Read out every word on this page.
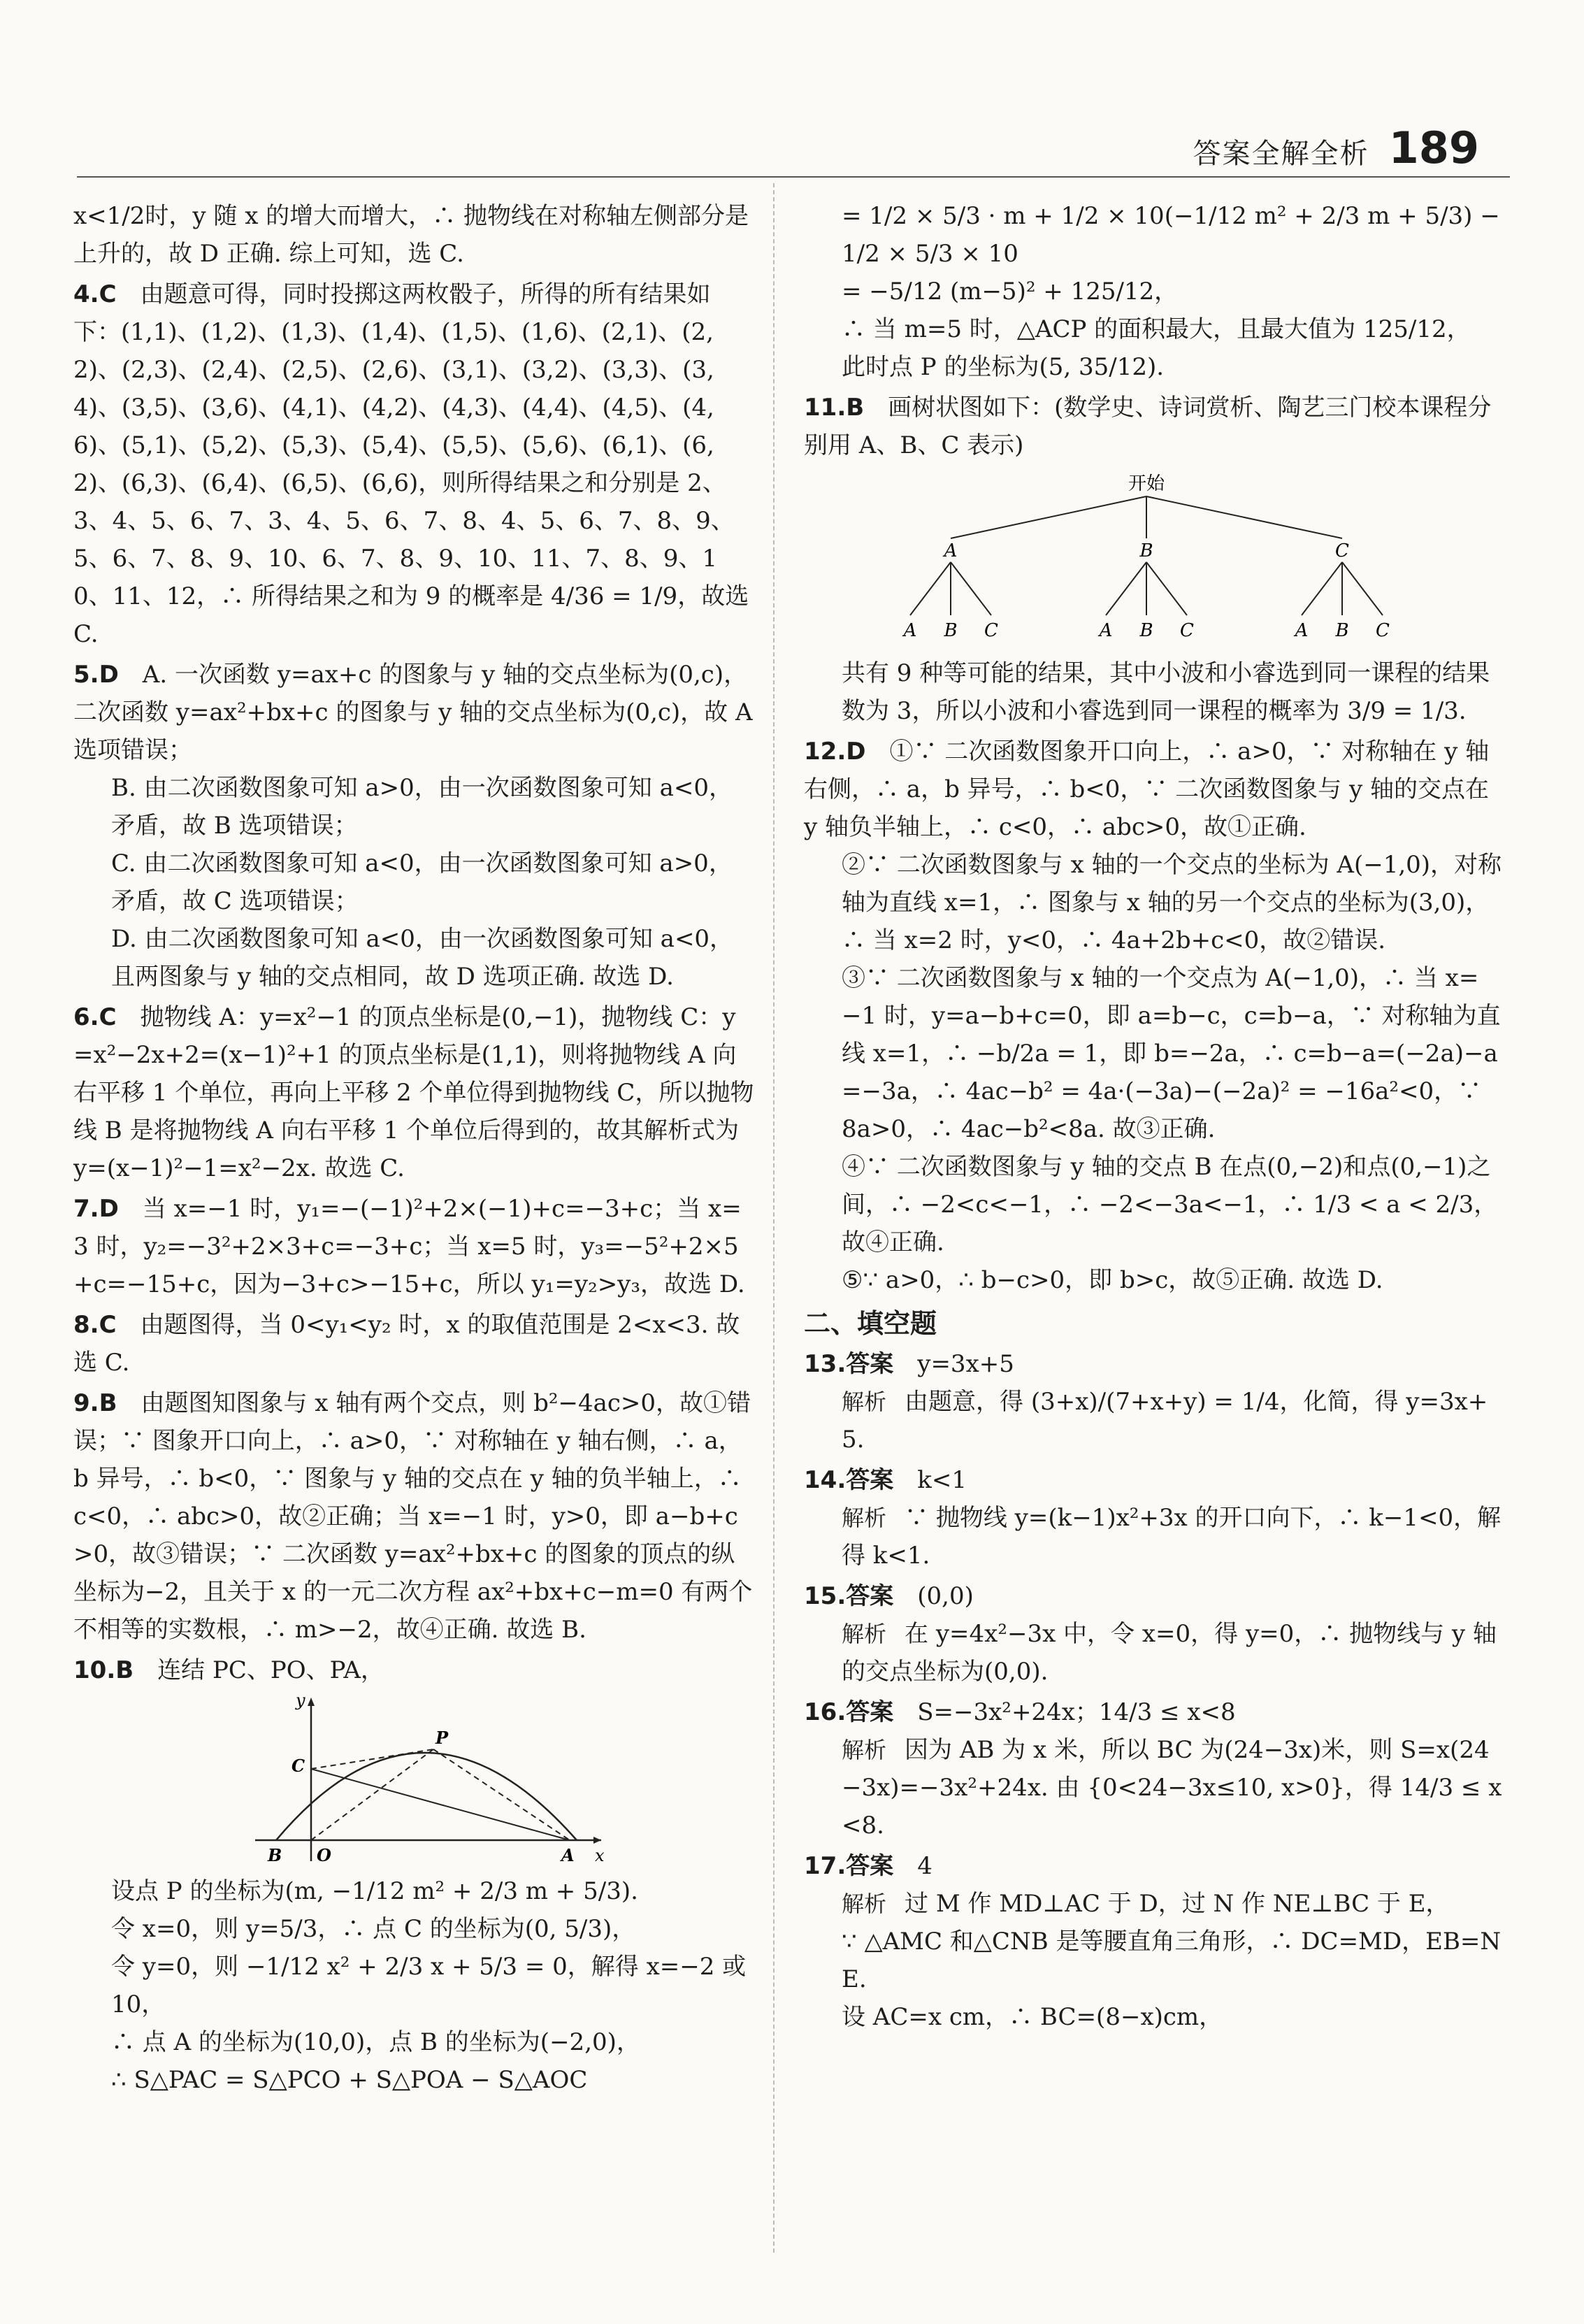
答案全解全析 189
x<1/2时，y 随 x 的增大而增大，∴ 抛物线在对称轴左侧部分是
上升的，故 D 正确. 综上可知，选 C.
4.C　 由题意可得，同时投掷这两枚骰子，所得的所有结果如下：(1,1)、(1,2)、(1,3)、(1,4)、(1,5)、(1,6)、(2,1)、(2,2)、(2,3)、(2,4)、(2,5)、(2,6)、(3,1)、(3,2)、(3,3)、(3,4)、(3,5)、(3,6)、(4,1)、(4,2)、(4,3)、(4,4)、(4,5)、(4,6)、(5,1)、(5,2)、(5,3)、(5,4)、(5,5)、(5,6)、(6,1)、(6,2)、(6,3)、(6,4)、(6,5)、(6,6)，则所得结果之和分别是 2、3、4、5、6、7、3、4、5、6、7、8、4、5、6、7、8、9、5、6、7、8、9、10、6、7、8、9、10、11、7、8、9、10、11、12，∴ 所得结果之和为 9 的概率是 4/36 = 1/9，故选 C.
5.D　 A. 一次函数 y=ax+c 的图象与 y 轴的交点坐标为(0,c)，二次函数 y=ax²+bx+c 的图象与 y 轴的交点坐标为(0,c)，故 A 选项错误；
B. 由二次函数图象可知 a>0，由一次函数图象可知 a<0，矛盾，故 B 选项错误；
C. 由二次函数图象可知 a<0，由一次函数图象可知 a>0，矛盾，故 C 选项错误；
D. 由二次函数图象可知 a<0，由一次函数图象可知 a<0，且两图象与 y 轴的交点相同，故 D 选项正确. 故选 D.
6.C　 抛物线 A：y=x²−1 的顶点坐标是(0,−1)，抛物线 C：y=x²−2x+2=(x−1)²+1 的顶点坐标是(1,1)，则将抛物线 A 向右平移 1 个单位，再向上平移 2 个单位得到抛物线 C，所以抛物线 B 是将抛物线 A 向右平移 1 个单位后得到的，故其解析式为 y=(x−1)²−1=x²−2x. 故选 C.
7.D　 当 x=−1 时，y₁=−(−1)²+2×(−1)+c=−3+c；当 x=3 时，y₂=−3²+2×3+c=−3+c；当 x=5 时，y₃=−5²+2×5+c=−15+c，因为−3+c>−15+c，所以 y₁=y₂>y₃，故选 D.
8.C　 由题图得，当 0<y₁<y₂ 时，x 的取值范围是 2<x<3. 故选 C.
9.B　 由题图知图象与 x 轴有两个交点，则 b²−4ac>0，故①错误；∵ 图象开口向上，∴ a>0，∵ 对称轴在 y 轴右侧，∴ a，b 异号，∴ b<0，∵ 图象与 y 轴的交点在 y 轴的负半轴上，∴ c<0，∴ abc>0，故②正确；当 x=−1 时，y>0，即 a−b+c>0，故③错误；∵ 二次函数 y=ax²+bx+c 的图象的顶点的纵坐标为−2，且关于 x 的一元二次方程 ax²+bx+c−m=0 有两个不相等的实数根，∴ m>−2，故④正确. 故选 B.
10.B　 连结 PC、PO、PA，
y
P
C
B O	A x
设点 P 的坐标为(m, −1/12 m² + 2/3 m + 5/3).
令 x=0，则 y=5/3，∴ 点 C 的坐标为(0, 5/3)，
令 y=0，则 −1/12 x² + 2/3 x + 5/3 = 0，解得 x=−2 或 10，
∴ 点 A 的坐标为(10,0)，点 B 的坐标为(−2,0)，
∴ S△PAC = S△PCO + S△POA − S△AOC
= 1/2 × 5/3 · m + 1/2 × 10(−1/12 m² + 2/3 m + 5/3) − 1/2 × 5/3 × 10
= −5/12 (m−5)² + 125/12，
∴ 当 m=5 时，△ACP 的面积最大，且最大值为 125/12，
此时点 P 的坐标为(5, 35/12).
11.B　 画树状图如下：(数学史、诗词赏析、陶艺三门校本课程分别用 A、B、C 表示)
开始
A	B	C
A B C	A B C	A B C
共有 9 种等可能的结果，其中小波和小睿选到同一课程的结果数为 3，所以小波和小睿选到同一课程的概率为 3/9 = 1/3.
12.D　 ①∵ 二次函数图象开口向上，∴ a>0，∵ 对称轴在 y 轴右侧，∴ a，b 异号，∴ b<0，∵ 二次函数图象与 y 轴的交点在 y 轴负半轴上，∴ c<0，∴ abc>0，故①正确.
②∵ 二次函数图象与 x 轴的一个交点的坐标为 A(−1,0)，对称轴为直线 x=1，∴ 图象与 x 轴的另一个交点的坐标为(3,0)，∴ 当 x=2 时，y<0，∴ 4a+2b+c<0，故②错误.
③∵ 二次函数图象与 x 轴的一个交点为 A(−1,0)，∴ 当 x=−1 时，y=a−b+c=0，即 a=b−c，c=b−a，∵ 对称轴为直线 x=1，∴ −b/2a = 1，即 b=−2a，∴ c=b−a=(−2a)−a=−3a，∴ 4ac−b² = 4a·(−3a)−(−2a)² = −16a²<0，∵ 8a>0，∴ 4ac−b²<8a. 故③正确.
④∵ 二次函数图象与 y 轴的交点 B 在点(0,−2)和点(0,−1)之间，∴ −2<c<−1，∴ −2<−3a<−1，∴ 1/3 < a < 2/3，故④正确.
⑤∵ a>0，∴ b−c>0，即 b>c，故⑤正确. 故选 D.
二、填空题
13.答案　 y=3x+5
解析 由题意，得 (3+x)/(7+x+y) = 1/4，化简，得 y=3x+5.
14.答案　 k<1
解析 ∵ 抛物线 y=(k−1)x²+3x 的开口向下，∴ k−1<0，解得 k<1.
15.答案　 (0,0)
解析 在 y=4x²−3x 中，令 x=0，得 y=0，∴ 抛物线与 y 轴的交点坐标为(0,0).
16.答案　 S=−3x²+24x；14/3 ≤ x<8
解析 因为 AB 为 x 米，所以 BC 为(24−3x)米，则 S=x(24−3x)=−3x²+24x. 由 {0<24−3x≤10, x>0}，得 14/3 ≤ x<8.
17.答案　 4
解析 过 M 作 MD⊥AC 于 D，过 N 作 NE⊥BC 于 E，
∵ △AMC 和△CNB 是等腰直角三角形，∴ DC=MD，EB=NE.
设 AC=x cm，∴ BC=(8−x)cm，
